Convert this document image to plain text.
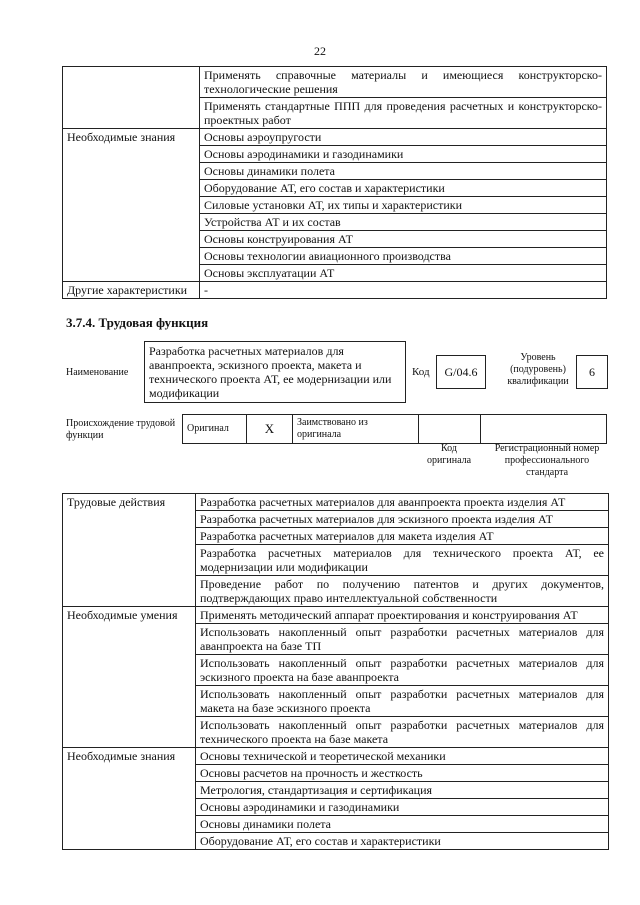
22
	Применять справочные материалы и имеющиеся конструкторско-технологические решения
	Применять стандартные ППП для проведения расчетных и конструкторско-проектных работ
Необходимые знания	Основы аэроупругости
	Основы аэродинамики и газодинамики
	Основы динамики полета
	Оборудование АТ, его состав и характеристики
	Силовые установки АТ, их типы и характеристики
	Устройства АТ и их состав
	Основы конструирования АТ
	Основы технологии авиационного производства
	Основы эксплуатации АТ
Другие характеристики	-
3.7.4. Трудовая функция
Наименование
Разработка расчетных материалов для аванпроекта, эскизного проекта, макета и технического проекта АТ, ее модернизации или модификации
Код	G/04.6
Уровень (подуровень) квалификации
6
Происхождение трудовой функции
Оригинал	X	Заимствовано из оригинала		
Код оригинала
Регистрационный номер профессионального стандарта
Трудовые действия	Разработка расчетных материалов для аванпроекта проекта изделия АТ
	Разработка расчетных материалов для эскизного проекта изделия АТ
	Разработка расчетных материалов для макета изделия АТ
	Разработка расчетных материалов для технического проекта АТ, ее модернизации или модификации
	Проведение работ по получению патентов и других документов, подтверждающих право интеллектуальной собственности
Необходимые умения	Применять методический аппарат проектирования и конструирования АТ
	Использовать накопленный опыт разработки расчетных материалов для аванпроекта на базе ТП
	Использовать накопленный опыт разработки расчетных материалов для эскизного проекта на базе аванпроекта
	Использовать накопленный опыт разработки расчетных материалов для макета на базе эскизного проекта
	Использовать накопленный опыт разработки расчетных материалов для технического проекта на базе макета
Необходимые знания	Основы технической и теоретической механики
	Основы расчетов на прочность и жесткость
	Метрология, стандартизация и сертификация
	Основы аэродинамики и газодинамики
	Основы динамики полета
	Оборудование АТ, его состав и характеристики
